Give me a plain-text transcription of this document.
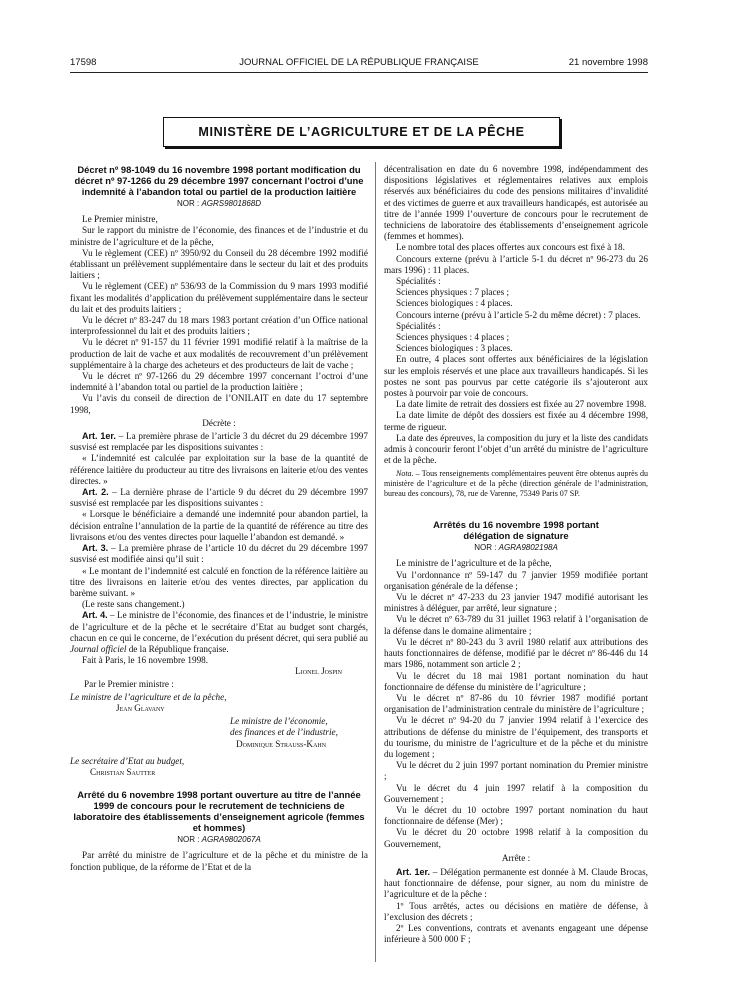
17598	JOURNAL OFFICIEL DE LA RÉPUBLIQUE FRANÇAISE	21 novembre 1998
MINISTÈRE DE L’AGRICULTURE ET DE LA PÊCHE

Décret nº 98-1049 du 16 novembre 1998 portant modification du décret nº 97-1266 du 29 décembre 1997 concernant l’octroi d’une indemnité à l’abandon total ou partiel de la production laitière

NOR : AGRS9801868D

Le Premier ministre,

Sur le rapport du ministre de l’économie, des finances et de l’industrie et du ministre de l’agriculture et de la pêche,

Vu le règlement (CEE) nº 3950/92 du Conseil du 28 décembre 1992 modifié établissant un prélèvement supplémentaire dans le secteur du lait et des produits laitiers ;

Vu le règlement (CEE) nº 536/93 de la Commission du 9 mars 1993 modifié fixant les modalités d’application du prélèvement supplémentaire dans le secteur du lait et des produits laitiers ;

Vu le décret nº 83-247 du 18 mars 1983 portant création d’un Office national interprofessionnel du lait et des produits laitiers ;

Vu le décret nº 91-157 du 11 février 1991 modifié relatif à la maîtrise de la production de lait de vache et aux modalités de recouvrement d’un prélèvement supplémentaire à la charge des acheteurs et des producteurs de lait de vache ;

Vu le décret nº 97-1266 du 29 décembre 1997 concernant l’octroi d’une indemnité à l’abandon total ou partiel de la production laitière ;

Vu l’avis du conseil de direction de l’ONILAIT en date du 17 septembre 1998,

Décrète :

Art. 1er. – La première phrase de l’article 3 du décret du 29 décembre 1997 susvisé est remplacée par les dispositions suivantes :

« L’indemnité est calculée par exploitation sur la base de la quantité de référence laitière du producteur au titre des livraisons en laiterie et/ou des ventes directes. »

Art. 2. – La dernière phrase de l’article 9 du décret du 29 décembre 1997 susvisé est remplacée par les dispositions suivantes :

« Lorsque le bénéficiaire a demandé une indemnité pour abandon partiel, la décision entraîne l’annulation de la partie de la quantité de référence au titre des livraisons et/ou des ventes directes pour laquelle l’abandon est demandé. »

Art. 3. – La première phrase de l’article 10 du décret du 29 décembre 1997 susvisé est modifiée ainsi qu’il suit :

« Le montant de l’indemnité est calculé en fonction de la référence laitière au titre des livraisons en laiterie et/ou des ventes directes, par application du barème suivant. »

(Le reste sans changement.)

Art. 4. – Le ministre de l’économie, des finances et de l’industrie, le ministre de l’agriculture et de la pêche et le secrétaire d’Etat au budget sont chargés, chacun en ce qui le concerne, de l’exécution du présent décret, qui sera publié au Journal officiel de la République française.

Fait à Paris, le 16 novembre 1998.

Lionel Jospin

Par le Premier ministre :

Le ministre de l’agriculture et de la pêche,

Jean Glavany

Le ministre de l’économie,

des finances et de l’industrie,

Dominique Strauss-Kahn

Le secrétaire d’Etat au budget,

Christian Sautter

Arrêté du 6 novembre 1998 portant ouverture au titre de l’année 1999 de concours pour le recrutement de techniciens de laboratoire des établissements d’enseignement agricole (femmes et hommes)

NOR : AGRA9802067A

Par arrêté du ministre de l’agriculture et de la pêche et du ministre de la fonction publique, de la réforme de l’Etat et de la

décentralisation en date du 6 novembre 1998, indépendamment des dispositions législatives et réglementaires relatives aux emplois réservés aux bénéficiaires du code des pensions militaires d’invalidité et des victimes de guerre et aux travailleurs handicapés, est autorisée au titre de l’année 1999 l’ouverture de concours pour le recrutement de techniciens de laboratoire des établissements d’enseignement agricole (femmes et hommes).

Le nombre total des places offertes aux concours est fixé à 18.

Concours externe (prévu à l’article 5-1 du décret nº 96-273 du 26 mars 1996) : 11 places.

Spécialités :

Sciences physiques : 7 places ;

Sciences biologiques : 4 places.

Concours interne (prévu à l’article 5-2 du même décret) : 7 places.

Spécialités :

Sciences physiques : 4 places ;

Sciences biologiques : 3 places.

En outre, 4 places sont offertes aux bénéficiaires de la législation sur les emplois réservés et une place aux travailleurs handicapés. Si les postes ne sont pas pourvus par cette catégorie ils s’ajouteront aux postes à pourvoir par voie de concours.

La date limite de retrait des dossiers est fixée au 27 novembre 1998.

La date limite de dépôt des dossiers est fixée au 4 décembre 1998, terme de rigueur.

La date des épreuves, la composition du jury et la liste des candidats admis à concourir feront l’objet d’un arrêté du ministre de l’agriculture et de la pêche.

Nota. – Tous renseignements complémentaires peuvent être obtenus auprès du ministère de l’agriculture et de la pêche (direction générale de l’administration, bureau des concours), 78, rue de Varenne, 75349 Paris 07 SP.

Arrêtés du 16 novembre 1998 portant délégation de signature

NOR : AGRA9802198A

Le ministre de l’agriculture et de la pêche,

Vu l’ordonnance nº 59-147 du 7 janvier 1959 modifiée portant organisation générale de la défense ;

Vu le décret nº 47-233 du 23 janvier 1947 modifié autorisant les ministres à déléguer, par arrêté, leur signature ;

Vu le décret nº 63-789 du 31 juillet 1963 relatif à l’organisation de la défense dans le domaine alimentaire ;

Vu le décret nº 80-243 du 3 avril 1980 relatif aux attributions des hauts fonctionnaires de défense, modifié par le décret nº 86-446 du 14 mars 1986, notamment son article 2 ;

Vu le décret du 18 mai 1981 portant nomination du haut fonctionnaire de défense du ministère de l’agriculture ;

Vu le décret nº 87-86 du 10 février 1987 modifié portant organisation de l’administration centrale du ministère de l’agriculture ;

Vu le décret nº 94-20 du 7 janvier 1994 relatif à l’exercice des attributions de défense du ministre de l’équipement, des transports et du tourisme, du ministre de l’agriculture et de la pêche et du ministre du logement ;

Vu le décret du 2 juin 1997 portant nomination du Premier ministre ;

Vu le décret du 4 juin 1997 relatif à la composition du Gouvernement ;

Vu le décret du 10 octobre 1997 portant nomination du haut fonctionnaire de défense (Mer) ;

Vu le décret du 20 octobre 1998 relatif à la composition du Gouvernement,

Arrête :

Art. 1er. – Délégation permanente est donnée à M. Claude Brocas, haut fonctionnaire de défense, pour signer, au nom du ministre de l’agriculture et de la pêche :

1º Tous arrêtés, actes ou décisions en matière de défense, à l’exclusion des décrets ;

2º Les conventions, contrats et avenants engageant une dépense inférieure à 500 000 F ;
